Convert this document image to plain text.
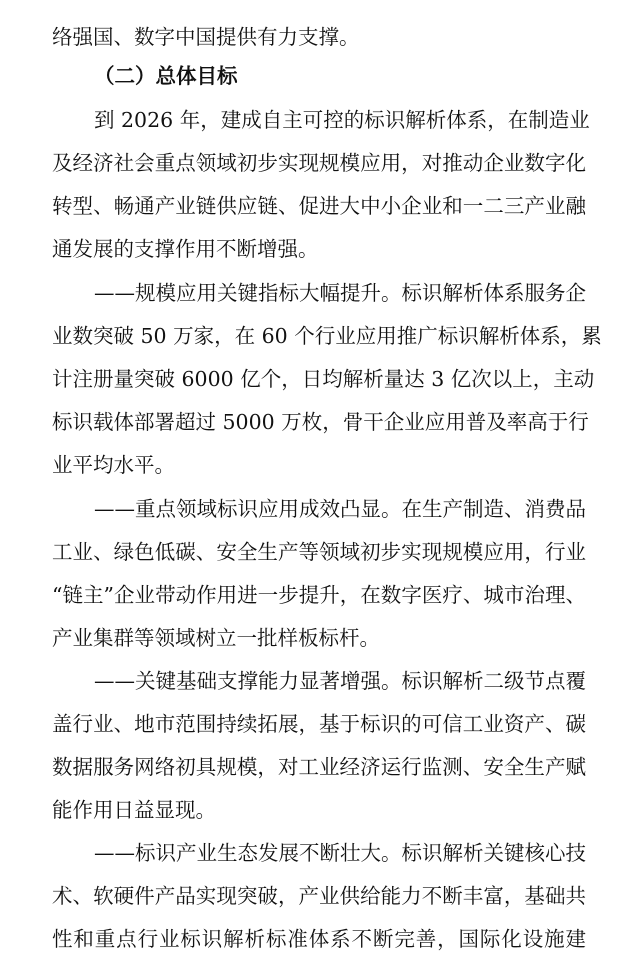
络强国、数字中国提供有力支撑。
（二）总体目标
到 2026 年，建成自主可控的标识解析体系，在制造业
及经济社会重点领域初步实现规模应用，对推动企业数字化
转型、畅通产业链供应链、促进大中小企业和一二三产业融
通发展的支撑作用不断增强。
——规模应用关键指标大幅提升。标识解析体系服务企
业数突破 50 万家，在 60 个行业应用推广标识解析体系，累
计注册量突破 6000 亿个，日均解析量达 3 亿次以上，主动
标识载体部署超过 5000 万枚，骨干企业应用普及率高于行
业平均水平。
——重点领域标识应用成效凸显。在生产制造、消费品
工业、绿色低碳、安全生产等领域初步实现规模应用，行业
“链主”企业带动作用进一步提升，在数字医疗、城市治理、
产业集群等领域树立一批样板标杆。
——关键基础支撑能力显著增强。标识解析二级节点覆
盖行业、地市范围持续拓展，基于标识的可信工业资产、碳
数据服务网络初具规模，对工业经济运行监测、安全生产赋
能作用日益显现。
——标识产业生态发展不断壮大。标识解析关键核心技
术、软硬件产品实现突破，产业供给能力不断丰富，基础共
性和重点行业标识解析标准体系不断完善，国际化设施建
